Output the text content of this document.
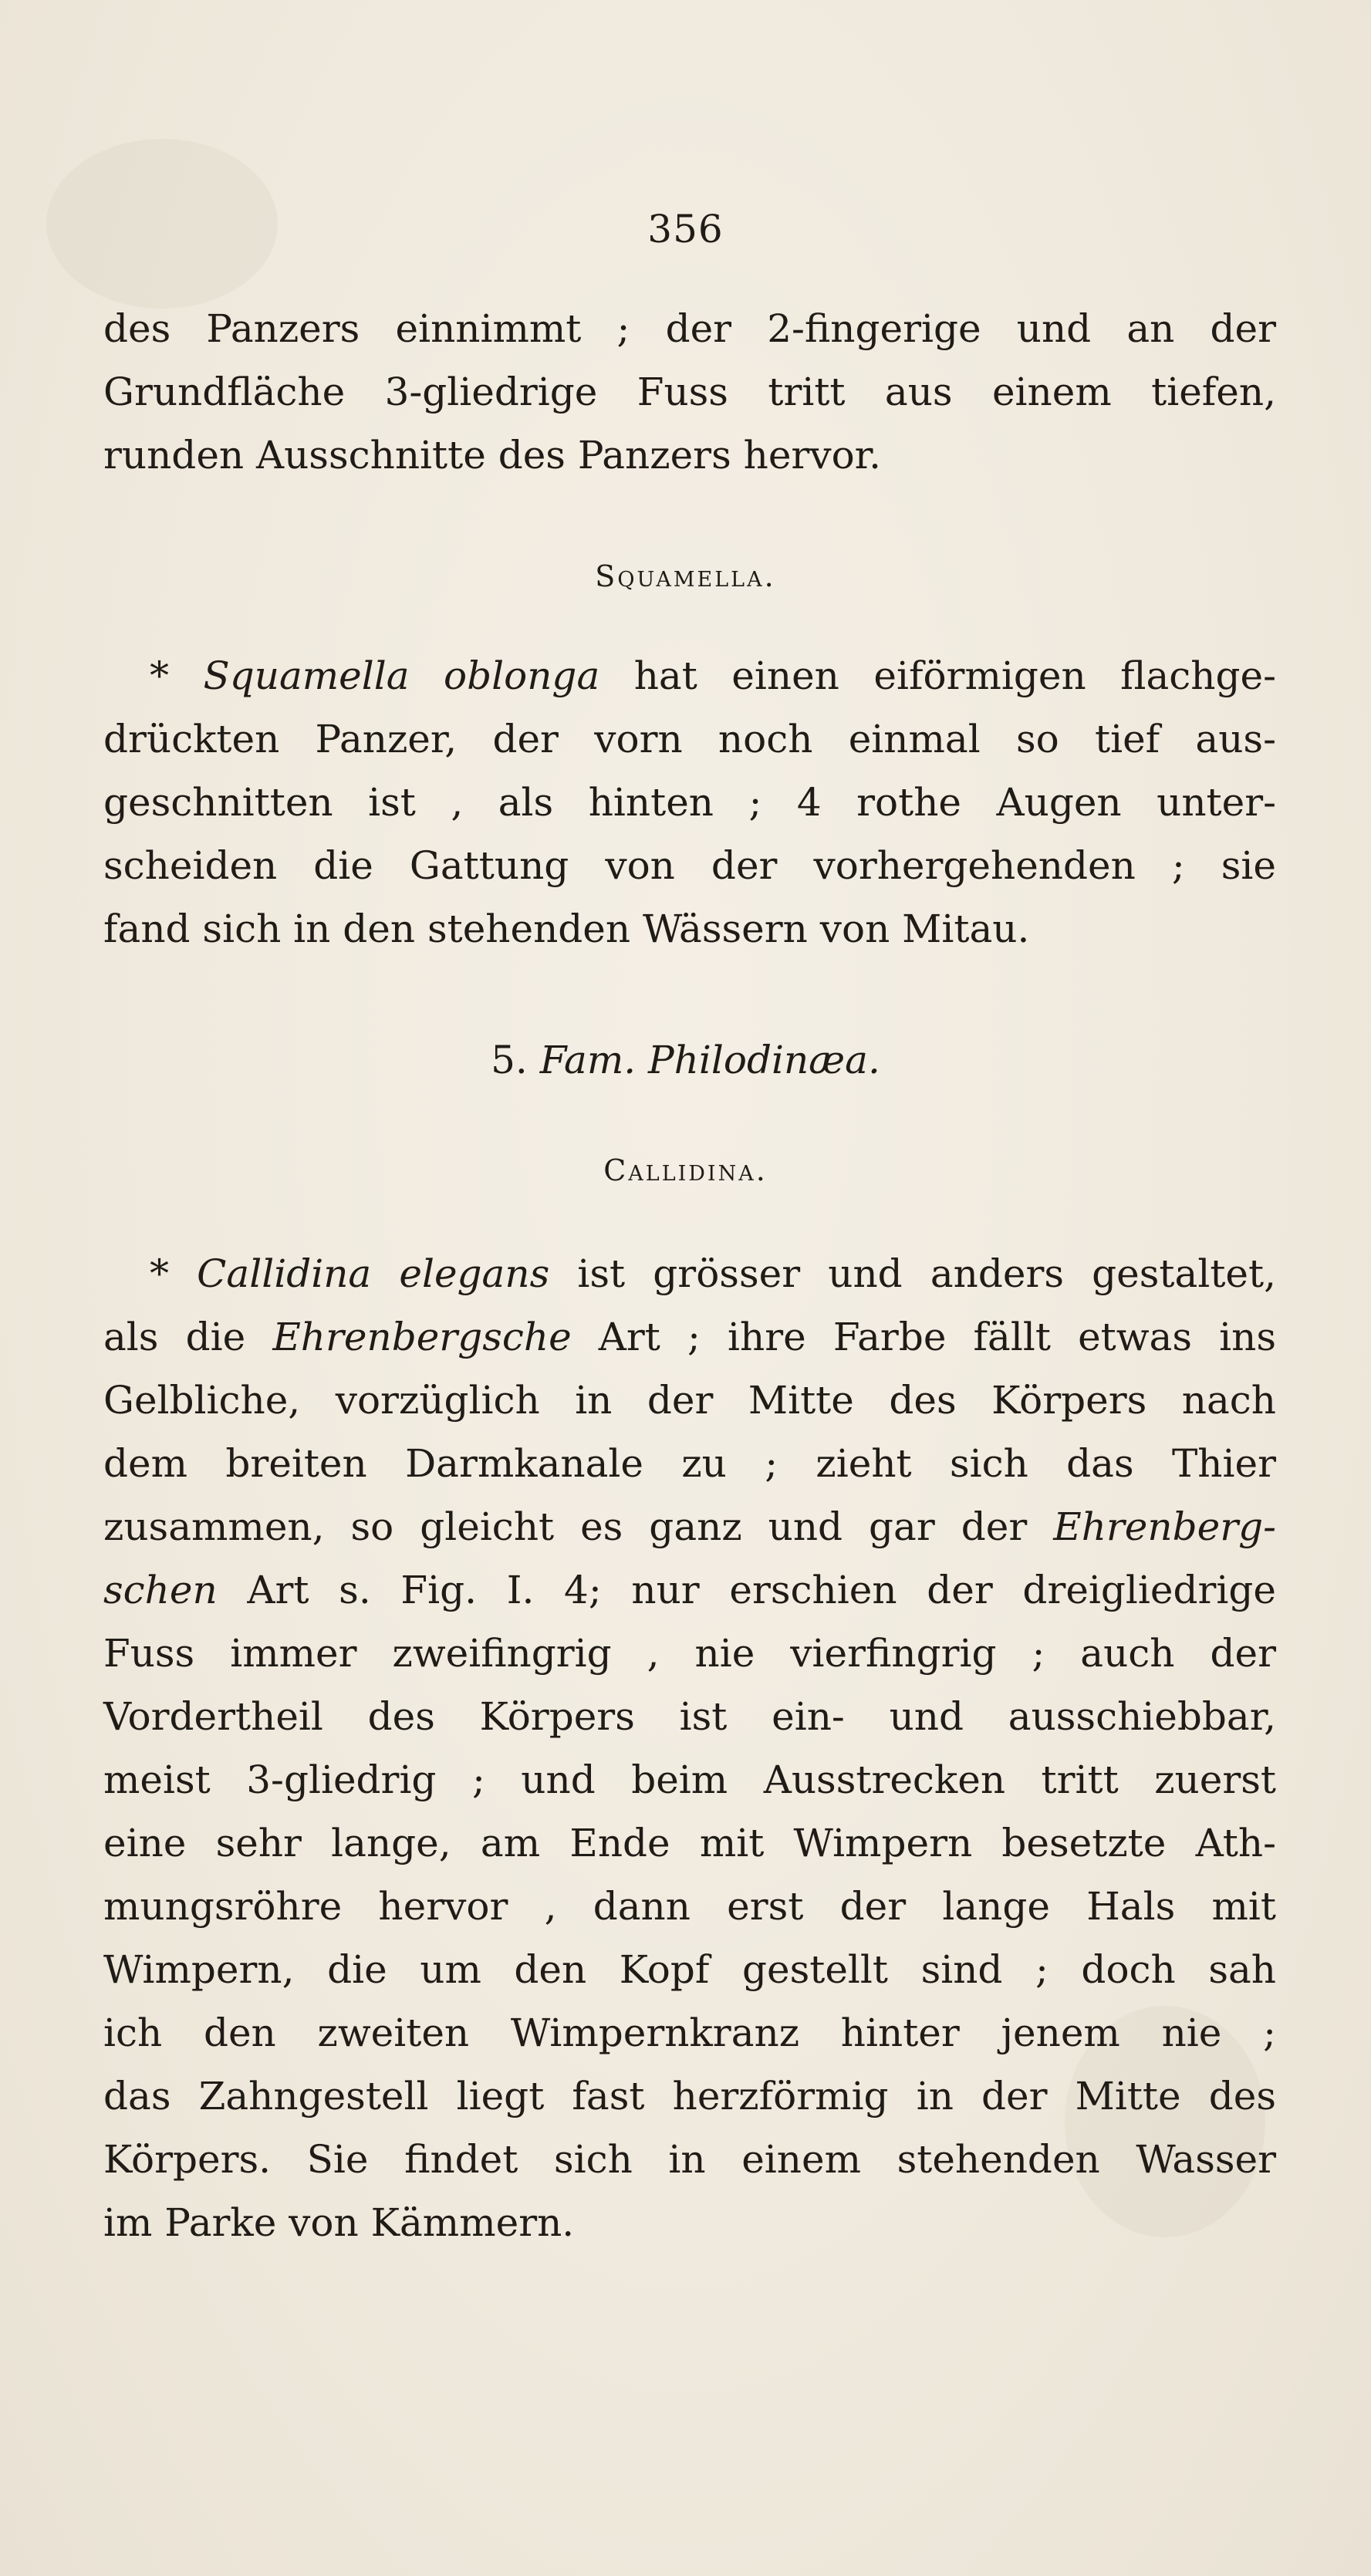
356
des Panzers einnimmt ; der 2-fingerige und an der
Grundfläche 3-gliedrige Fuss tritt aus einem tiefen,
runden Ausschnitte des Panzers hervor.
Squamella.
* Squamella oblonga hat einen eiförmigen flachge-
drückten Panzer, der vorn noch einmal so tief aus-
geschnitten ist , als hinten ; 4 rothe Augen unter-
scheiden die Gattung von der vorhergehenden ; sie
fand sich in den stehenden Wässern von Mitau.
5. Fam. Philodinæa.
Callidina.
* Callidina elegans ist grösser und anders gestaltet,
als die Ehrenbergsche Art ; ihre Farbe fällt etwas ins
Gelbliche, vorzüglich in der Mitte des Körpers nach
dem breiten Darmkanale zu ; zieht sich das Thier
zusammen, so gleicht es ganz und gar der Ehrenberg-
schen Art s. Fig. I. 4; nur erschien der dreigliedrige
Fuss immer zweifingrig , nie vierfingrig ; auch der
Vordertheil des Körpers ist ein- und ausschiebbar,
meist 3-gliedrig ; und beim Ausstrecken tritt zuerst
eine sehr lange, am Ende mit Wimpern besetzte Ath-
mungsröhre hervor , dann erst der lange Hals mit
Wimpern, die um den Kopf gestellt sind ; doch sah
ich den zweiten Wimpernkranz hinter jenem nie ;
das Zahngestell liegt fast herzförmig in der Mitte des
Körpers. Sie findet sich in einem stehenden Wasser
im Parke von Kämmern.
